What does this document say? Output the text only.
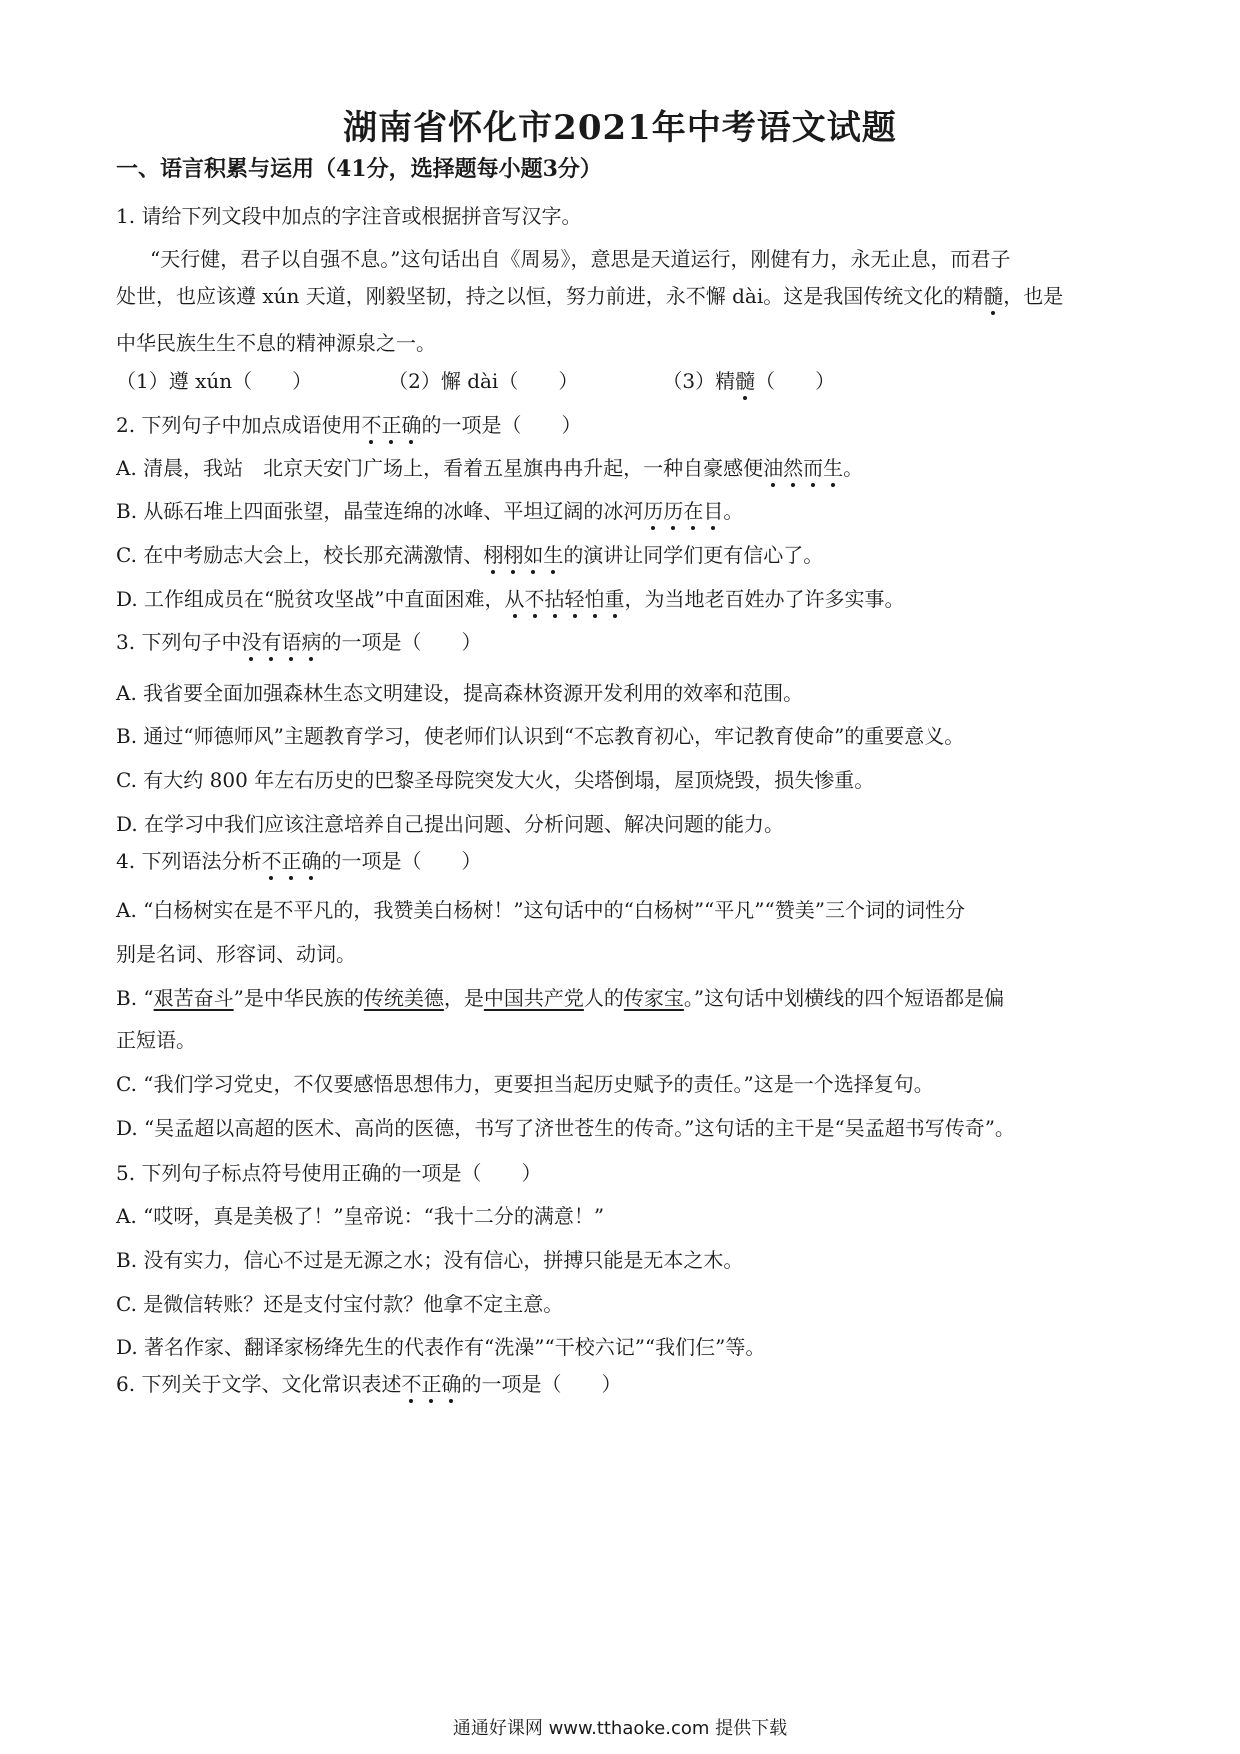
湖南省怀化市2021年中考语文试题
一、语言积累与运用（41分，选择题每小题3分）
1. 请给下列文段中加点的字注音或根据拼音写汉字。
“天行健，君子以自强不息。”这句话出自《周易》，意思是天道运行，刚健有力，永无止息，而君子
处世，也应该遵 xún 天道，刚毅坚韧，持之以恒，努力前进，永不懈 dài。这是我国传统文化的精髓，也是
中华民族生生不息的精神源泉之一。
（1）遵 xún（　　）	（2）懈 dài（　　）	（3）精髓（　　）
2. 下列句子中加点成语使用不正确的一项是（　　）
A. 清晨，我站　北京天安门广场上，看着五星旗冉冉升起，一种自豪感便油然而生。
B. 从砾石堆上四面张望，晶莹连绵的冰峰、平坦辽阔的冰河历历在目。
C. 在中考励志大会上，校长那充满激情、栩栩如生的演讲让同学们更有信心了。
D. 工作组成员在“脱贫攻坚战”中直面困难，从不拈轻怕重，为当地老百姓办了许多实事。
3. 下列句子中没有语病的一项是（　　）
A. 我省要全面加强森林生态文明建设，提高森林资源开发利用的效率和范围。
B. 通过“师德师风”主题教育学习，使老师们认识到“不忘教育初心，牢记教育使命”的重要意义。
C. 有大约 800 年左右历史的巴黎圣母院突发大火，尖塔倒塌，屋顶烧毁，损失惨重。
D. 在学习中我们应该注意培养自己提出问题、分析问题、解决问题的能力。
4. 下列语法分析不正确的一项是（　　）
A. “白杨树实在是不平凡的，我赞美白杨树！”这句话中的“白杨树”“平凡”“赞美”三个词的词性分
别是名词、形容词、动词。
B. “艰苦奋斗”是中华民族的传统美德，是中国共产党人的传家宝。”这句话中划横线的四个短语都是偏
正短语。
C. “我们学习党史，不仅要感悟思想伟力，更要担当起历史赋予的责任。”这是一个选择复句。
D. “吴孟超以高超的医术、高尚的医德，书写了济世苍生的传奇。”这句话的主干是“吴孟超书写传奇”。
5. 下列句子标点符号使用正确的一项是（　　）
A. “哎呀，真是美极了！”皇帝说：“我十二分的满意！”
B. 没有实力，信心不过是无源之水；没有信心，拼搏只能是无本之木。
C. 是微信转账？还是支付宝付款？他拿不定主意。
D. 著名作家、翻译家杨绛先生的代表作有“洗澡”“干校六记”“我们仨”等。
6. 下列关于文学、文化常识表述不正确的一项是（　　）
通通好课网 www.tthaoke.com 提供下载
